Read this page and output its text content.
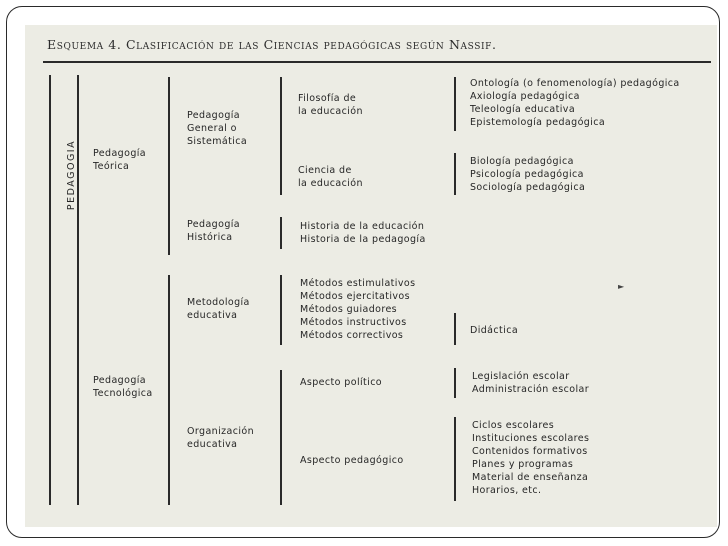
Esquema 4. Clasificación de las Ciencias pedagógicas según Nassif.
PEDAGOGIA	Pedagogía
Teórica
Pedagogía
General o
Sistemática
Filosofía de
la educación
Ontología (o fenomenología) pedagógica
Axiología pedagógica
Teleología educativa
Epistemología pedagógica
Ciencia de
la educación
Biología pedagógica
Psicología pedagógica
Sociología pedagógica
Pedagogía
Histórica
Historia de la educación
Historia de la pedagogía
Pedagogía
Tecnológica
Metodología
educativa
Métodos estimulativos
Métodos ejercitativos
Métodos guiadores
Métodos instructivos
Métodos correctivos	Didáctica
Organización
educativa
Aspecto político
Legislación escolar
Administración escolar
Aspecto pedagógico
Ciclos escolares
Instituciones escolares
Contenidos formativos
Planes y programas
Material de enseñanza
Horarios, etc.
►
